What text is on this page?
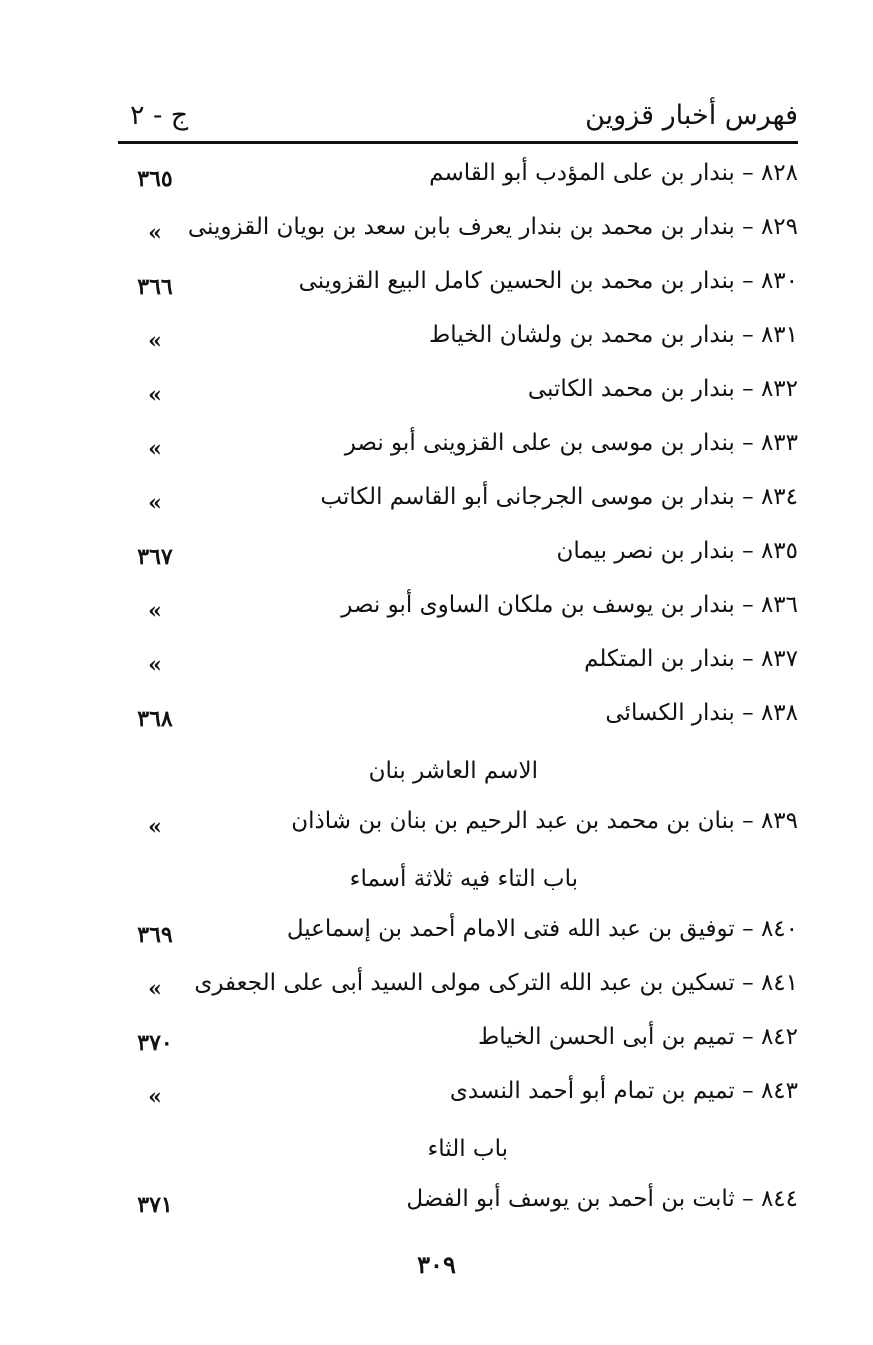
فهرس أخبار قزوين
ج - ٢
٨٢٨ – بندار بن على المؤدب أبو القاسم
٣٦٥
٨٢٩ – بندار بن محمد بن بندار يعرف بابن سعد بن بويان القزوينى
»
٨٣٠ – بندار بن محمد بن الحسين كامل البيع القزوينى
٣٦٦
٨٣١ – بندار بن محمد بن ولشان الخياط
»
٨٣٢ – بندار بن محمد الكاتبى
»
٨٣٣ – بندار بن موسى بن على القزوينى أبو نصر
»
٨٣٤ – بندار بن موسى الجرجانى أبو القاسم الكاتب
»
٨٣٥ – بندار بن نصر بيمان
٣٦٧
٨٣٦ – بندار بن يوسف بن ملكان الساوى أبو نصر
»
٨٣٧ – بندار بن المتكلم
»
٨٣٨ – بندار الكسائى
٣٦٨
الاسم العاشر بنان
٨٣٩ – بنان بن محمد بن عبد الرحيم بن بنان بن شاذان
»
باب التاء فيه ثلاثة أسماء
٨٤٠ – توفيق بن عبد الله فتى الامام أحمد بن إسماعيل
٣٦٩
٨٤١ – تسكين بن عبد الله التركى مولى السيد أبى على الجعفرى
»
٨٤٢ – تميم بن أبى الحسن الخياط
٣٧٠
٨٤٣ – تميم بن تمام أبو أحمد النسدى
»
باب الثاء
٨٤٤ – ثابت بن أحمد بن يوسف أبو الفضل
٣٧١
٣٠٩
